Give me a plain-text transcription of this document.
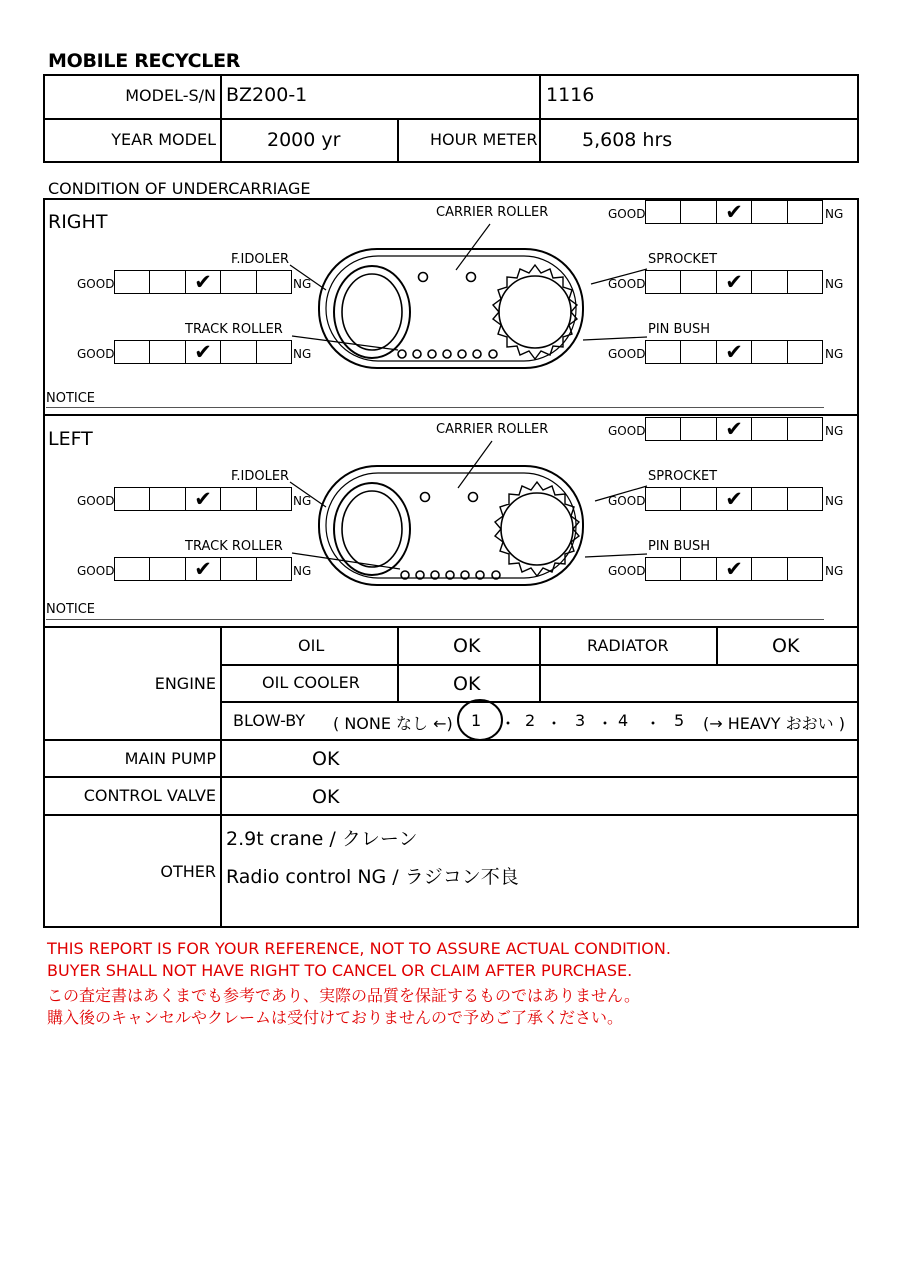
MOBILE RECYCLER
MODEL-S/N BZ200-1	1116
YEAR MODEL	2000 yr	HOUR METER 5,608 hrs
CONDITION OF UNDERCARRIAGE
RIGHT	CARRIER ROLLER	GOOD	✔	NG
F.IDOLER
GOOD	✔	NG
SPROCKET
GOOD	✔	NG
TRACK ROLLER
GOOD	✔	NG
PIN BUSH
GOOD	✔	NG
NOTICE
LEFT	CARRIER ROLLER	GOOD	✔	NG
F.IDOLER
GOOD	✔	NG
SPROCKET
GOOD	✔	NG
TRACK ROLLER
GOOD	✔	NG
PIN BUSH
GOOD	✔	NG
NOTICE
ENGINE
OIL	OK	RADIATOR	OK
OIL COOLER	OK
BLOW-BY ( NONE なし ←) 1 ・ 2 ・ 3 ・ 4 ・ 5 (→ HEAVY おおい )
MAIN PUMP	OK
CONTROL VALVE	OK
OTHER
2.9t crane / クレーン
Radio control NG / ラジコン不良
THIS REPORT IS FOR YOUR REFERENCE, NOT TO ASSURE ACTUAL CONDITION.
BUYER SHALL NOT HAVE RIGHT TO CANCEL OR CLAIM AFTER PURCHASE.
この査定書はあくまでも参考であり、実際の品質を保証するものではありません。
購入後のキャンセルやクレームは受付けておりませんので予めご了承ください。
